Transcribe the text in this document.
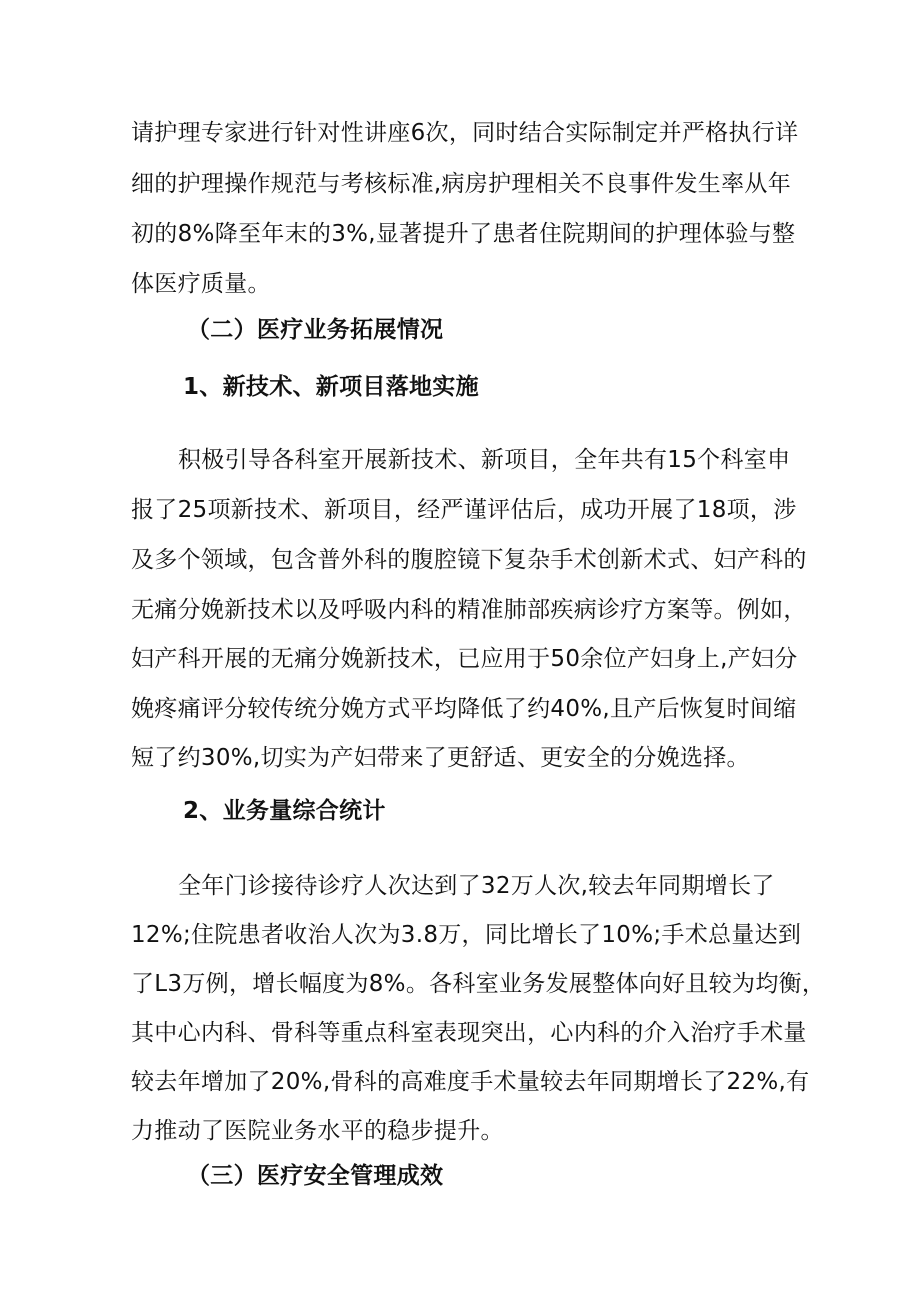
请护理专家进行针对性讲座6次，同时结合实际制定并严格执行详
细的护理操作规范与考核标准,病房护理相关不良事件发生率从年
初的8%降至年末的3%,显著提升了患者住院期间的护理体验与整
体医疗质量。
（二）医疗业务拓展情况
1、新技术、新项目落地实施
积极引导各科室开展新技术、新项目，全年共有15个科室申
报了25项新技术、新项目，经严谨评估后，成功开展了18项，涉
及多个领域，包含普外科的腹腔镜下复杂手术创新术式、妇产科的
无痛分娩新技术以及呼吸内科的精准肺部疾病诊疗方案等。例如，
妇产科开展的无痛分娩新技术，已应用于50余位产妇身上,产妇分
娩疼痛评分较传统分娩方式平均降低了约40%,且产后恢复时间缩
短了约30%,切实为产妇带来了更舒适、更安全的分娩选择。
2、业务量综合统计
全年门诊接待诊疗人次达到了32万人次,较去年同期增长了
12%;住院患者收治人次为3.8万，同比增长了10%;手术总量达到
了L3万例，增长幅度为8%。各科室业务发展整体向好且较为均衡，
其中心内科、骨科等重点科室表现突出，心内科的介入治疗手术量
较去年增加了20%,骨科的高难度手术量较去年同期增长了22%,有
力推动了医院业务水平的稳步提升。
（三）医疗安全管理成效
